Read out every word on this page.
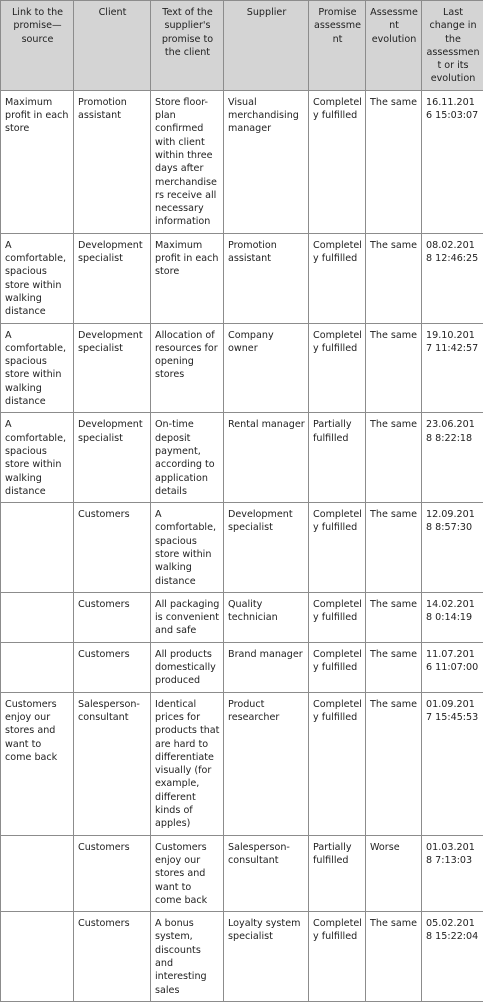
Link to the promise—source	Client	Text of the supplier's promise to the client	Supplier	Promise assessment	Assessment evolution	Last change in the assessment or its evolution
Maximum profit in each store	Promotion assistant	Store floor-plan confirmed with client within three days after merchandisers receive all necessary information	Visual merchandising manager	Completely fulfilled	The same	16.11.2016 15:03:07
A comfortable, spacious store within walking distance	Development specialist	Maximum profit in each store	Promotion assistant	Completely fulfilled	The same	08.02.2018 12:46:25
A comfortable, spacious store within walking distance	Development specialist	Allocation of resources for opening stores	Company owner	Completely fulfilled	The same	19.10.2017 11:42:57
A comfortable, spacious store within walking distance	Development specialist	On-time deposit payment, according to application details	Rental manager	Partially fulfilled	The same	23.06.2018 8:22:18
	Customers	A comfortable, spacious store within walking distance	Development specialist	Completely fulfilled	The same	12.09.2018 8:57:30
	Customers	All packaging is convenient and safe	Quality technician	Completely fulfilled	The same	14.02.2018 0:14:19
	Customers	All products domestically produced	Brand manager	Completely fulfilled	The same	11.07.2016 11:07:00
Customers enjoy our stores and want to come back	Salesperson-consultant	Identical prices for products that are hard to differentiate visually (for example, different kinds of apples)	Product researcher	Completely fulfilled	The same	01.09.2017 15:45:53
	Customers	Customers enjoy our stores and want to come back	Salesperson-consultant	Partially fulfilled	Worse	01.03.2018 7:13:03
	Customers	A bonus system, discounts and interesting sales	Loyalty system specialist	Completely fulfilled	The same	05.02.2018 15:22:04
